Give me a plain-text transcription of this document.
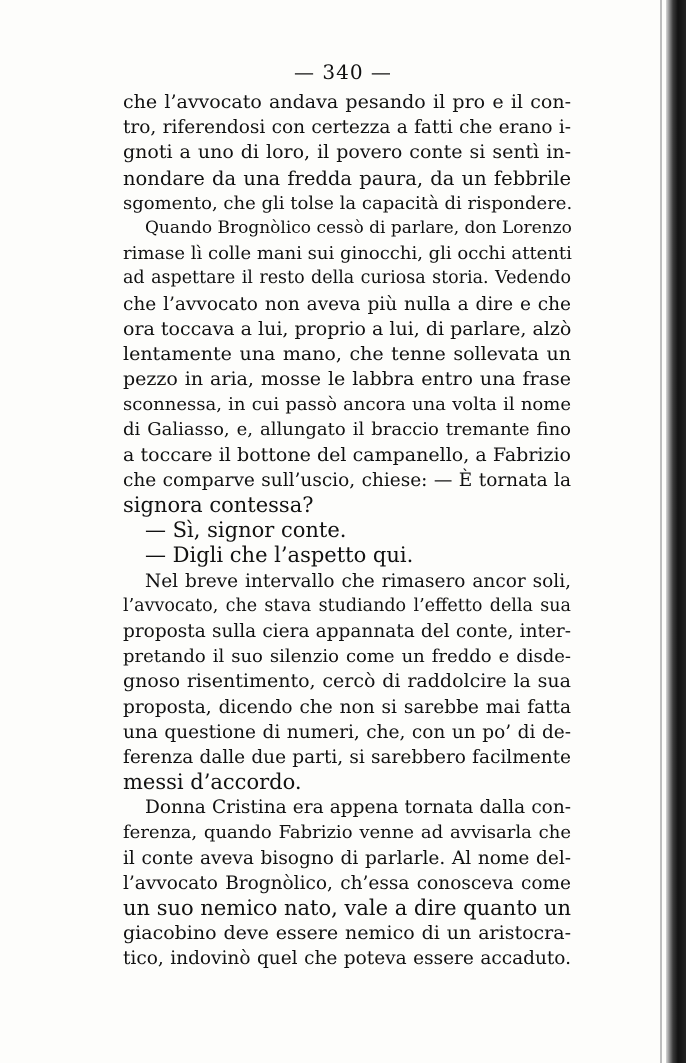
— 340 —
che l’avvocato andava pesando il pro e il con-
tro, riferendosi con certezza a fatti che erano i-
gnoti a uno di loro, il povero conte si sentì in-
nondare da una fredda paura, da un febbrile
sgomento, che gli tolse la capacità di rispondere.
Quando Brognòlico cessò di parlare, don Lorenzo
rimase lì colle mani sui ginocchi, gli occhi attenti
ad aspettare il resto della curiosa storia. Vedendo
che l’avvocato non aveva più nulla a dire e che
ora toccava a lui, proprio a lui, di parlare, alzò
lentamente una mano, che tenne sollevata un
pezzo in aria, mosse le labbra entro una frase
sconnessa, in cui passò ancora una volta il nome
di Galiasso, e, allungato il braccio tremante fino
a toccare il bottone del campanello, a Fabrizio
che comparve sull’uscio, chiese: — È tornata la
signora contessa?
— Sì, signor conte.
— Digli che l’aspetto qui.
Nel breve intervallo che rimasero ancor soli,
l’avvocato, che stava studiando l’effetto della sua
proposta sulla ciera appannata del conte, inter-
pretando il suo silenzio come un freddo e disde-
gnoso risentimento, cercò di raddolcire la sua
proposta, dicendo che non si sarebbe mai fatta
una questione di numeri, che, con un po’ di de-
ferenza dalle due parti, si sarebbero facilmente
messi d’accordo.
Donna Cristina era appena tornata dalla con-
ferenza, quando Fabrizio venne ad avvisarla che
il conte aveva bisogno di parlarle. Al nome del-
l’avvocato Brognòlico, ch’essa conosceva come
un suo nemico nato, vale a dire quanto un
giacobino deve essere nemico di un aristocra-
tico, indovinò quel che poteva essere accaduto.
